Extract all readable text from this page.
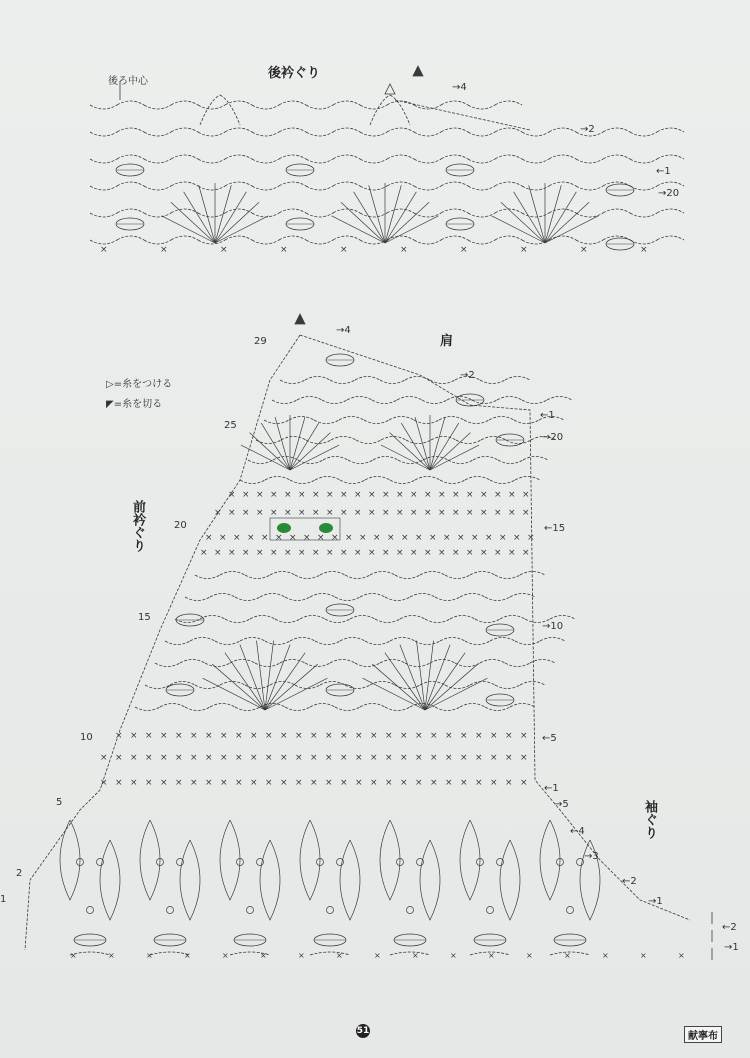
×	×	×	×	×	×	×	×	×	×
× × × × × × × × × × × × × × × × × × × × × ×
× × × × × × × × × × × × × × × × × × × × × × ×
× × × × × × × × × × × × × × × × × × × × × × × ×
× × × × × × × × × × × × × × × × × × × × × × × ×
× × × × × × × × × × × × × × × × × × × × × × × × × × × ×
× × × × × × × × × × × × × × × × × × × × × × × × × × × × ×
× × × × × × × × × × × × × × × × × × × × × × × × × × × × ×
×	×	×	×	×	×	×	×	×	×	×	×	×	×	×	×	×
後衿ぐり
肩
前衿ぐり
袖ぐり
後ろ中心
▷=糸をつける
◤=糸を切る
→4
→2
←1
→20
29
→4
→2
25
←1
→20
20	←15
15
→10
10	←5
←1
5	→5
←4
→3
2
←2
1	→1
←2
→1
51	献寧布
